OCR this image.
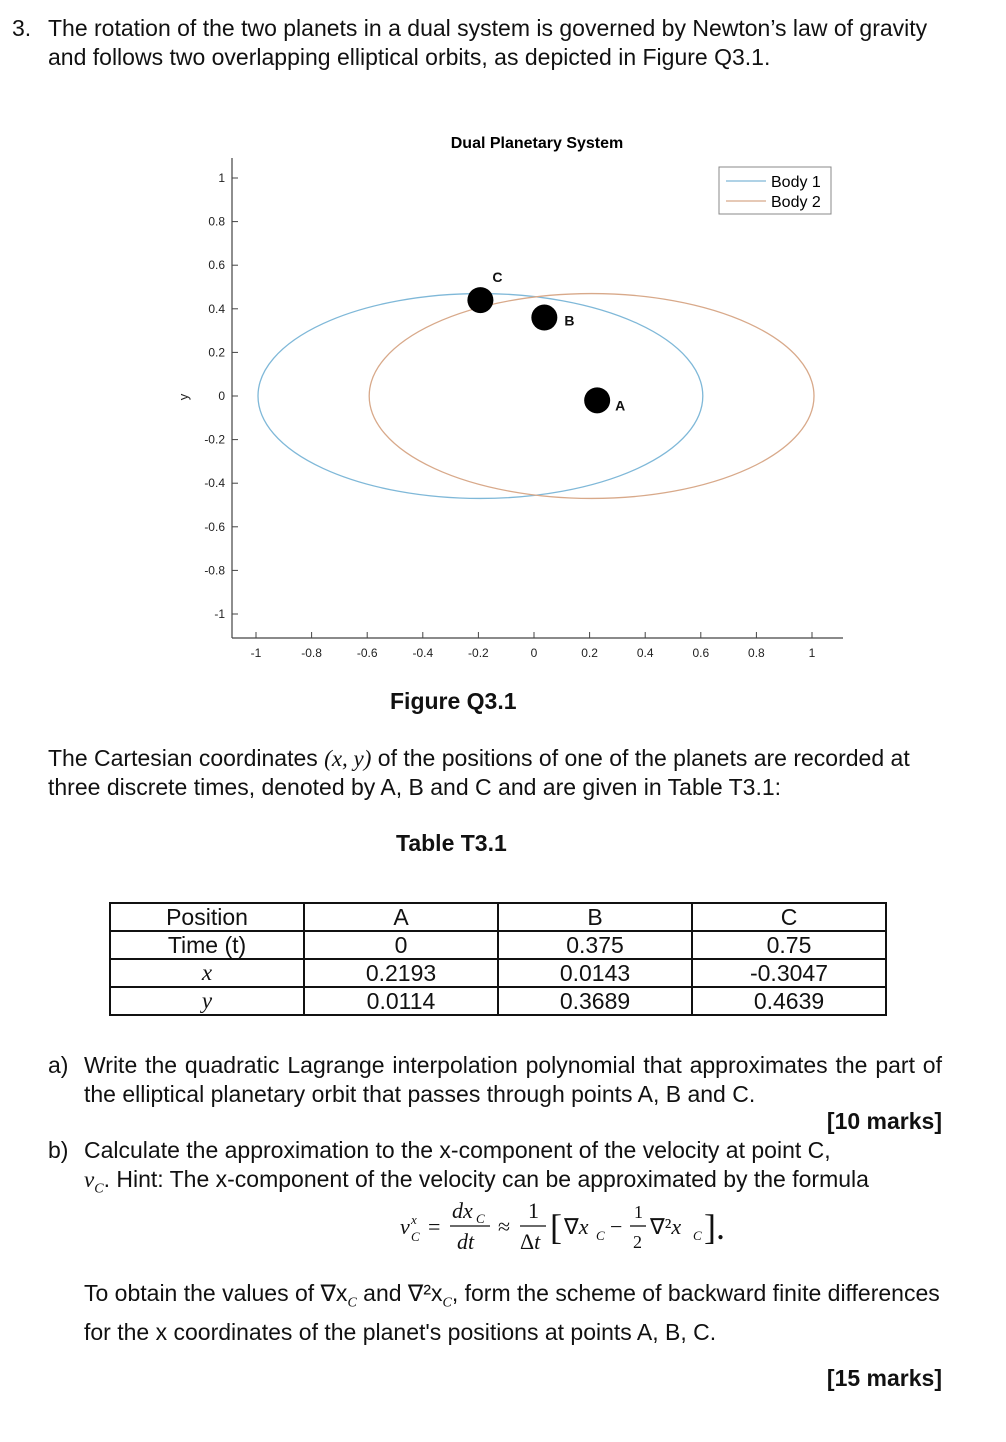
3. The rotation of the two planets in a dual system is governed by Newton’s law of gravity and follows two overlapping elliptical orbits, as depicted in Figure Q3.1.
Dual Planetary System
1
0.8
0.6
0.4
0.2
0
-0.2
-0.4
-0.6
-0.8
-1
-1	-0.8	-0.6	-0.4	-0.2	0	0.2	0.4	0.6	0.8	1
y
C
B
A
Body 1
Body 2
Figure Q3.1
The Cartesian coordinates (x, y) of the positions of one of the planets are recorded at three discrete times, denoted by A, B and C and are given in Table T3.1:
Table T3.1
Position	A	B	C
Time (t)	0	0.375	0.75
x	0.2193	0.0143	-0.3047
y	0.0114	0.3689	0.4639
a) Write the quadratic Lagrange interpolation polynomial that approximates the part of the elliptical planetary orbit that passes through points A, B and C.
[10 marks]
b) Calculate the approximation to the x-component of the velocity at point C,
$v_C$. Hint: The x-component of the velocity can be approximated by the formula
v x
C =
dx C
dt
≈
1
Δt [ ∇x C −
1
2
∇²x C ].
To obtain the values of $\nabla x_C$ and $\nabla^2x_C$, form the scheme of backward finite differences for the x coordinates of the planet's positions at points A, B, C.
[15 marks]
